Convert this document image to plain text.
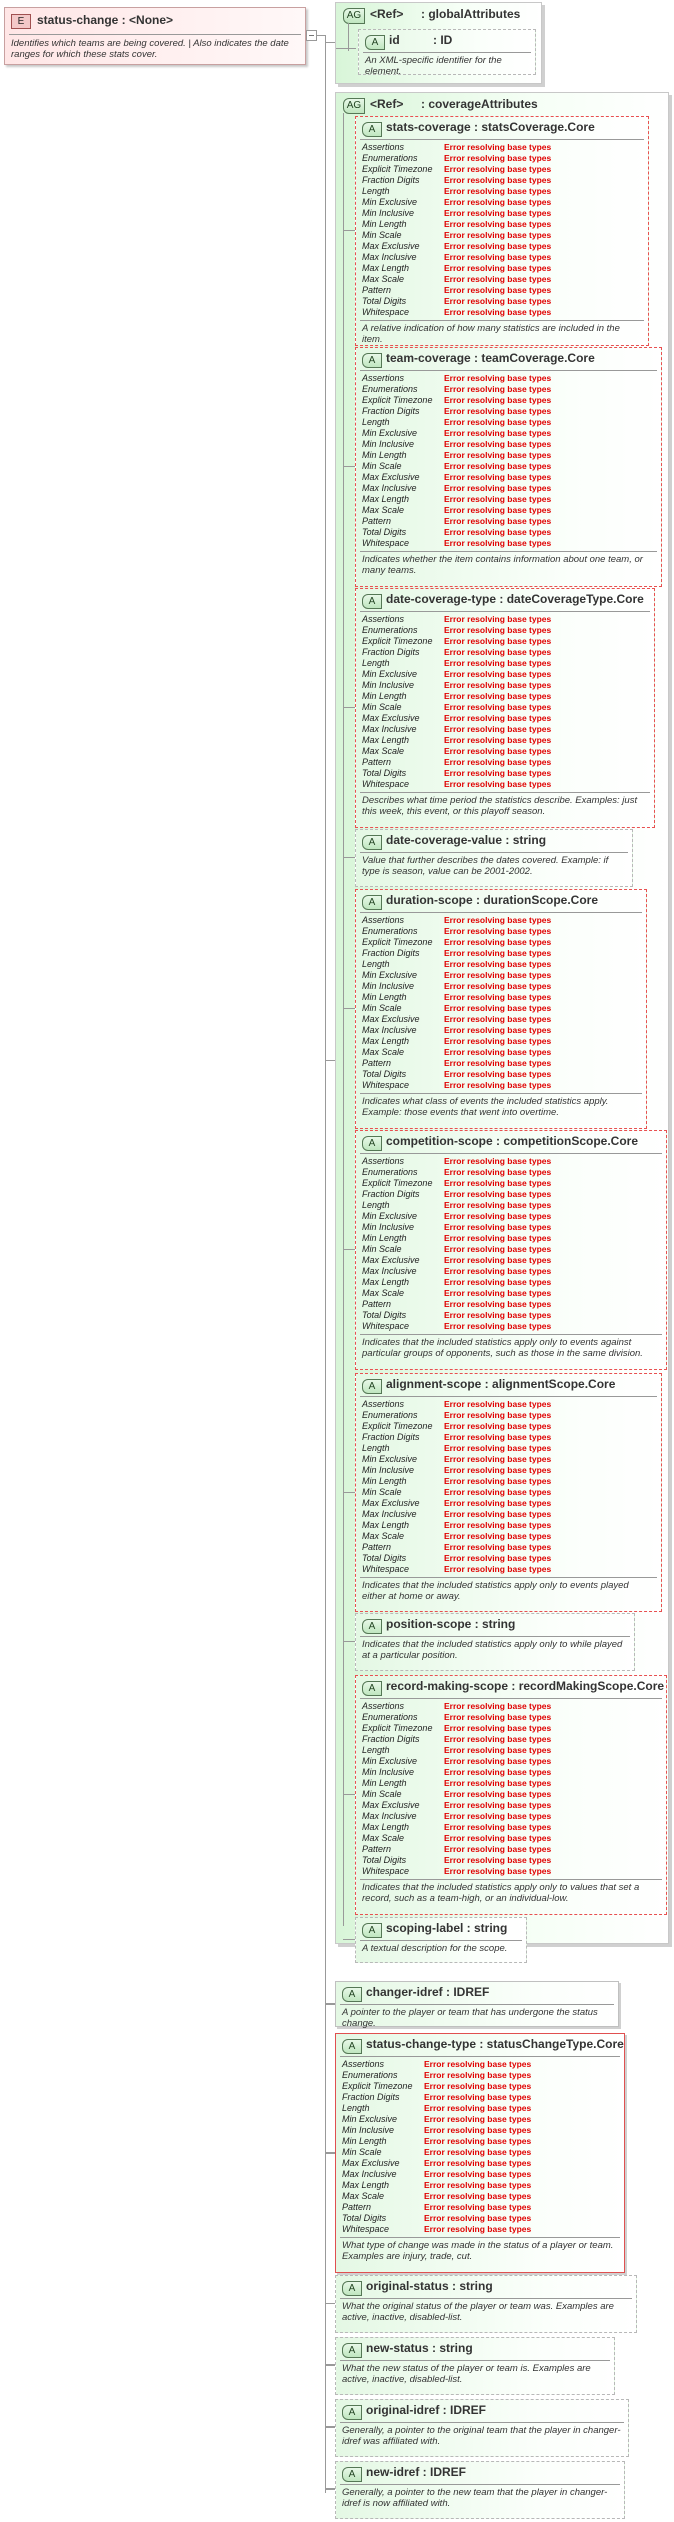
E	status-change : <None>
Identifies which teams are being covered. | Also indicates the date ranges for which these stats cover.
AG <Ref> : globalAttributes
A id          : ID
An XML-specific identifier for the element.
AG <Ref> : coverageAttributes
A stats-coverage : statsCoverage.Core
Assertions	Error resolving base types
Enumerations	Error resolving base types
Explicit Timezone	Error resolving base types
Fraction Digits	Error resolving base types
Length	Error resolving base types
Min Exclusive	Error resolving base types
Min Inclusive	Error resolving base types
Min Length	Error resolving base types
Min Scale	Error resolving base types
Max Exclusive	Error resolving base types
Max Inclusive	Error resolving base types
Max Length	Error resolving base types
Max Scale	Error resolving base types
Pattern	Error resolving base types
Total Digits	Error resolving base types
Whitespace	Error resolving base types
A relative indication of how many statistics are included in the item.
A team-coverage : teamCoverage.Core
Assertions	Error resolving base types
Enumerations	Error resolving base types
Explicit Timezone	Error resolving base types
Fraction Digits	Error resolving base types
Length	Error resolving base types
Min Exclusive	Error resolving base types
Min Inclusive	Error resolving base types
Min Length	Error resolving base types
Min Scale	Error resolving base types
Max Exclusive	Error resolving base types
Max Inclusive	Error resolving base types
Max Length	Error resolving base types
Max Scale	Error resolving base types
Pattern	Error resolving base types
Total Digits	Error resolving base types
Whitespace	Error resolving base types
Indicates whether the item contains information about one team, or many teams.
A date-coverage-type : dateCoverageType.Core
Assertions	Error resolving base types
Enumerations	Error resolving base types
Explicit Timezone	Error resolving base types
Fraction Digits	Error resolving base types
Length	Error resolving base types
Min Exclusive	Error resolving base types
Min Inclusive	Error resolving base types
Min Length	Error resolving base types
Min Scale	Error resolving base types
Max Exclusive	Error resolving base types
Max Inclusive	Error resolving base types
Max Length	Error resolving base types
Max Scale	Error resolving base types
Pattern	Error resolving base types
Total Digits	Error resolving base types
Whitespace	Error resolving base types
Describes what time period the statistics describe. Examples: just this week, this event, or this playoff season.
A date-coverage-value : string
Value that further describes the dates covered. Example: if type is season, value can be 2001-2002.
A duration-scope : durationScope.Core
Assertions	Error resolving base types
Enumerations	Error resolving base types
Explicit Timezone	Error resolving base types
Fraction Digits	Error resolving base types
Length	Error resolving base types
Min Exclusive	Error resolving base types
Min Inclusive	Error resolving base types
Min Length	Error resolving base types
Min Scale	Error resolving base types
Max Exclusive	Error resolving base types
Max Inclusive	Error resolving base types
Max Length	Error resolving base types
Max Scale	Error resolving base types
Pattern	Error resolving base types
Total Digits	Error resolving base types
Whitespace	Error resolving base types
Indicates what class of events the included statistics apply. Example: those events that went into overtime.
A competition-scope : competitionScope.Core
Assertions	Error resolving base types
Enumerations	Error resolving base types
Explicit Timezone	Error resolving base types
Fraction Digits	Error resolving base types
Length	Error resolving base types
Min Exclusive	Error resolving base types
Min Inclusive	Error resolving base types
Min Length	Error resolving base types
Min Scale	Error resolving base types
Max Exclusive	Error resolving base types
Max Inclusive	Error resolving base types
Max Length	Error resolving base types
Max Scale	Error resolving base types
Pattern	Error resolving base types
Total Digits	Error resolving base types
Whitespace	Error resolving base types
Indicates that the included statistics apply only to events against particular groups of opponents, such as those in the same division.
A alignment-scope : alignmentScope.Core
Assertions	Error resolving base types
Enumerations	Error resolving base types
Explicit Timezone	Error resolving base types
Fraction Digits	Error resolving base types
Length	Error resolving base types
Min Exclusive	Error resolving base types
Min Inclusive	Error resolving base types
Min Length	Error resolving base types
Min Scale	Error resolving base types
Max Exclusive	Error resolving base types
Max Inclusive	Error resolving base types
Max Length	Error resolving base types
Max Scale	Error resolving base types
Pattern	Error resolving base types
Total Digits	Error resolving base types
Whitespace	Error resolving base types
Indicates that the included statistics apply only to events played either at home or away.
A position-scope : string
Indicates that the included statistics apply only to while played at a particular position.
A record-making-scope : recordMakingScope.Core
Assertions	Error resolving base types
Enumerations	Error resolving base types
Explicit Timezone	Error resolving base types
Fraction Digits	Error resolving base types
Length	Error resolving base types
Min Exclusive	Error resolving base types
Min Inclusive	Error resolving base types
Min Length	Error resolving base types
Min Scale	Error resolving base types
Max Exclusive	Error resolving base types
Max Inclusive	Error resolving base types
Max Length	Error resolving base types
Max Scale	Error resolving base types
Pattern	Error resolving base types
Total Digits	Error resolving base types
Whitespace	Error resolving base types
Indicates that the included statistics apply only to values that set a record, such as a team-high, or an individual-low.
A scoping-label : string
A textual description for the scope.
A changer-idref : IDREF
A pointer to the player or team that has undergone the status change.
A status-change-type : statusChangeType.Core
Assertions	Error resolving base types
Enumerations	Error resolving base types
Explicit Timezone	Error resolving base types
Fraction Digits	Error resolving base types
Length	Error resolving base types
Min Exclusive	Error resolving base types
Min Inclusive	Error resolving base types
Min Length	Error resolving base types
Min Scale	Error resolving base types
Max Exclusive	Error resolving base types
Max Inclusive	Error resolving base types
Max Length	Error resolving base types
Max Scale	Error resolving base types
Pattern	Error resolving base types
Total Digits	Error resolving base types
Whitespace	Error resolving base types
What type of change was made in the status of a player or team. Examples are injury, trade, cut.
A original-status : string
What the original status of the player or team was. Examples are active, inactive, disabled-list.
A new-status : string
What the new status of the player or team is. Examples are active, inactive, disabled-list.
A original-idref : IDREF
Generally, a pointer to the original team that the player in changer-idref was affiliated with.
A new-idref : IDREF
Generally, a pointer to the new team that the player in changer-idref is now affiliated with.
